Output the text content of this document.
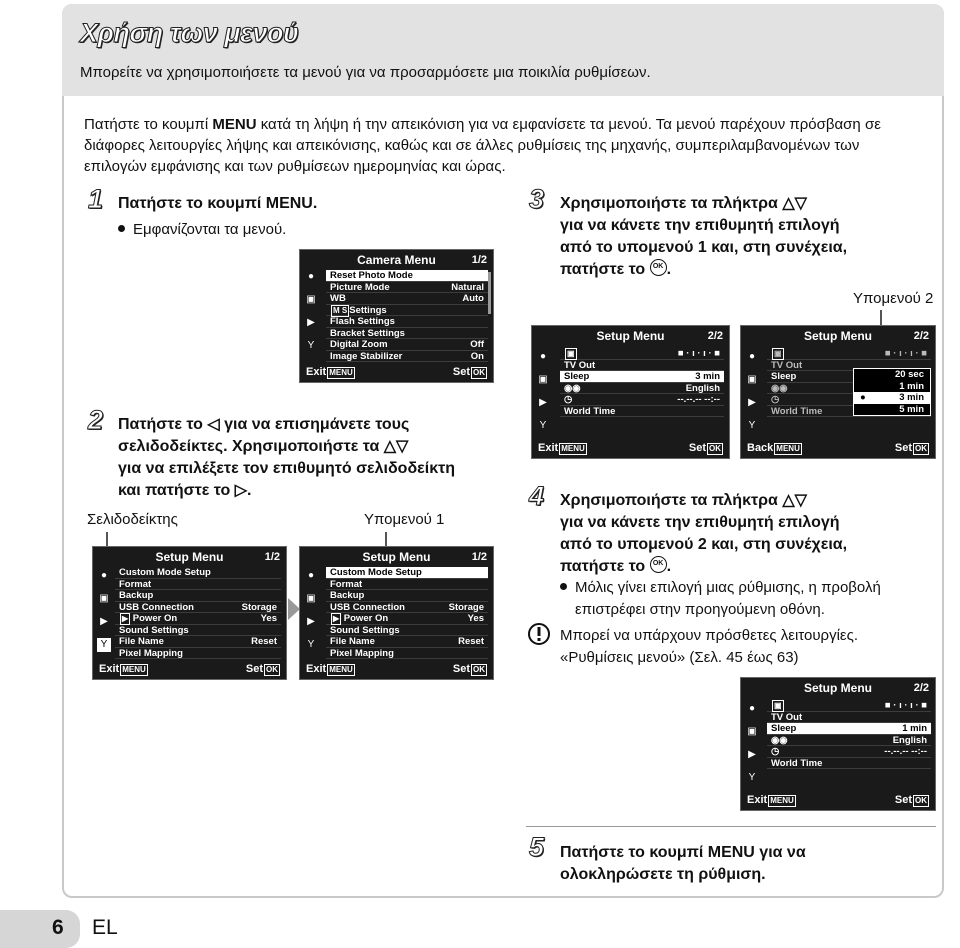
Χρήση των μενού
Μπορείτε να χρησιμοποιήσετε τα μενού για να προσαρμόσετε μια ποικιλία ρυθμίσεων.
Πατήστε το κουμπί MENU κατά τη λήψη ή την απεικόνιση για να εμφανίσετε τα μενού. Τα μενού παρέχουν πρόσβαση σε διάφορες λειτουργίες λήψης και απεικόνισης, καθώς και σε άλλες ρυθμίσεις της μηχανής, συμπεριλαμβανομένων των επιλογών εμφάνισης και των ρυθμίσεων ημερομηνίας και ώρας.
1 Πατήστε το κουμπί MENU.
Εμφανίζονται τα μενού.
Camera Menu	1/2
●
▣
▶
Y
Reset Photo Mode
Picture Mode	Natural
WB	Auto
M S Settings
Flash Settings
Bracket Settings
Digital Zoom	Off
Image Stabilizer	On
Exit MENU	Set OK
2 Πατήστε το ◁ για να επισημάνετε τους
σελιδοδείκτες. Χρησιμοποιήστε τα △▽
για να επιλέξετε τον επιθυμητό σελιδοδείκτη
και πατήστε το ▷.
Σελιδοδείκτης	Υπομενού 1
Setup Menu	1/2
●
▣
▶
Y
Custom Mode Setup
Format
Backup
USB Connection	Storage
▶ Power On	Yes
Sound Settings
File Name	Reset
Pixel Mapping
Exit MENU	Set OK
Setup Menu	1/2
●
▣
▶
Y
Custom Mode Setup
Format
Backup
USB Connection	Storage
▶ Power On	Yes
Sound Settings
File Name	Reset
Pixel Mapping
Exit MENU	Set OK
3 Χρησιμοποιήστε τα πλήκτρα △▽
για να κάνετε την επιθυμητή επιλογή
από το υπομενού 1 και, στη συνέχεια,
πατήστε το OK .
Υπομενού 2
Setup Menu	2/2
●
▣
▶
Y
▣	■ · ı · ı · ■
TV Out
Sleep	3 min
◉◉	English
◷	--.--.-- --:--
World Time
Exit MENU	Set OK
Setup Menu	2/2
●
▣
▶
Y
▣	■ · ı · ı · ■
TV Out
Sleep
◉◉
◷
World Time
20 sec
1 min
●	3 min
5 min
Back MENU	Set OK
4 Χρησιμοποιήστε τα πλήκτρα △▽
για να κάνετε την επιθυμητή επιλογή
από το υπομενού 2 και, στη συνέχεια,
πατήστε το OK .
Μόλις γίνει επιλογή μιας ρύθμισης, η προβολή
επιστρέφει στην προηγούμενη οθόνη.
Μπορεί να υπάρχουν πρόσθετες λειτουργίες.
«Ρυθμίσεις μενού» (Σελ. 45 έως 63)
Setup Menu	2/2
●
▣
▶
Y
▣	■ · ı · ı · ■
TV Out
Sleep	1 min
◉◉	English
◷	--.--.-- --:--
World Time
Exit MENU	Set OK
5 Πατήστε το κουμπί MENU για να
ολοκληρώσετε τη ρύθμιση.
6 EL
